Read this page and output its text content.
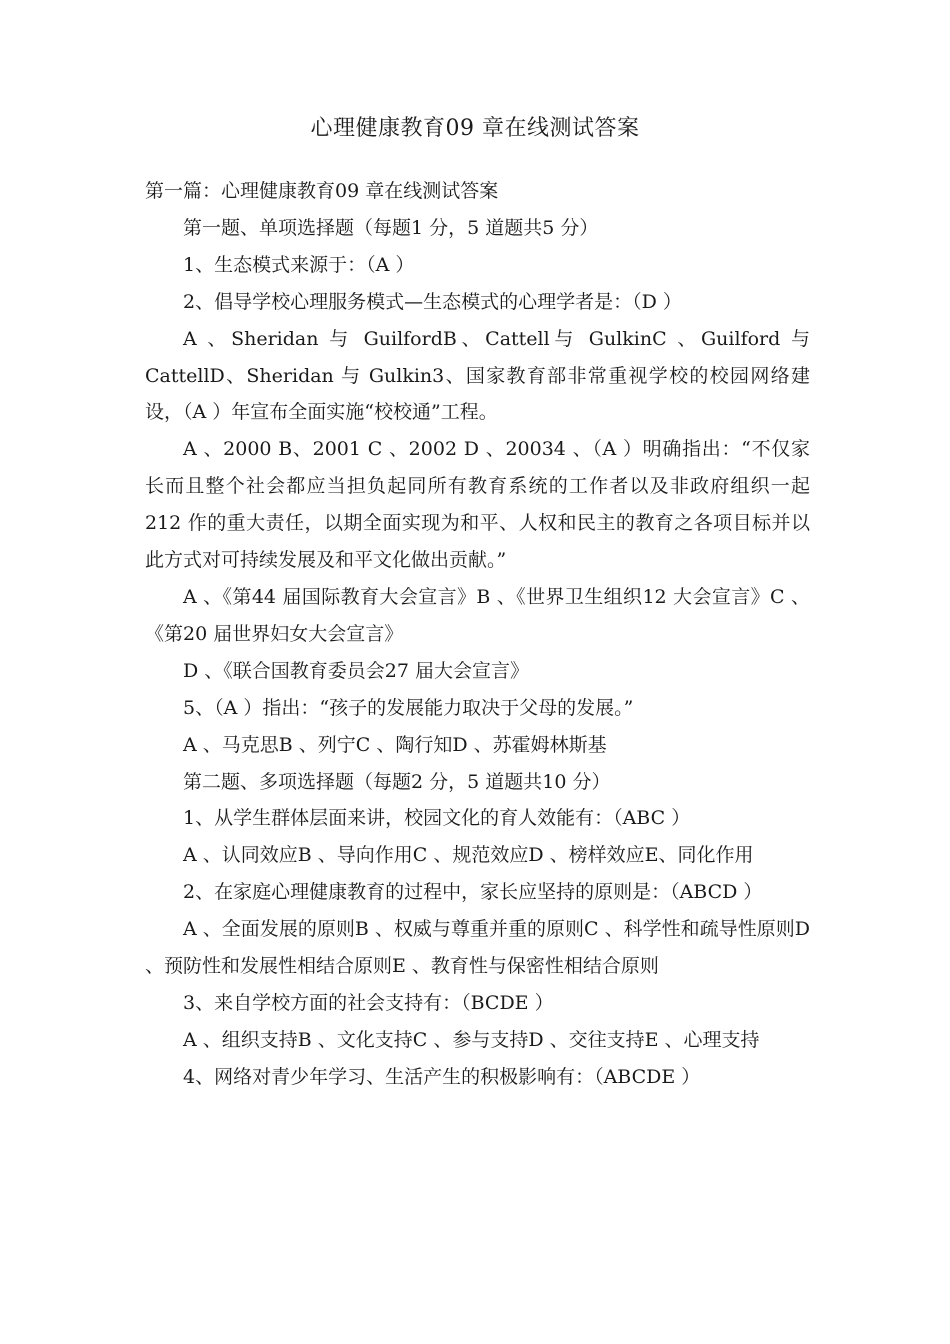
心理健康教育09 章在线测试答案

第一篇：心理健康教育09 章在线测试答案

第一题、单项选择题（每题1 分，5 道题共5 分）

1、生态模式来源于：（A ）

2、倡导学校心理服务模式—生态模式的心理学者是：（D ）

A 、Sheridan 与 GuilfordB、Cattell与 GulkinC 、Guilford 与 CattellD、Sheridan 与 Gulkin3、国家教育部非常重视学校的校园网络建设，（A ）年宣布全面实施“校校通”工程。

A 、2000 B、2001 C 、2002 D 、20034 、（A ）明确指出：“不仅家长而且整个社会都应当担负起同所有教育系统的工作者以及非政府组织一起 212 作的重大责任，以期全面实现为和平、人权和民主的教育之各项目标并以此方式对可持续发展及和平文化做出贡献。”

A 、《第44 届国际教育大会宣言》B 、《世界卫生组织12 大会宣言》C 、《第20 届世界妇女大会宣言》

D 、《联合国教育委员会27 届大会宣言》

5、（A ）指出：“孩子的发展能力取决于父母的发展。”

A 、马克思B 、列宁C 、陶行知D 、苏霍姆林斯基

第二题、多项选择题（每题2 分，5 道题共10 分）

1、从学生群体层面来讲，校园文化的育人效能有：（ABC ）

A 、认同效应B 、导向作用C 、规范效应D 、榜样效应E、同化作用

2、在家庭心理健康教育的过程中，家长应坚持的原则是：（ABCD ）

A 、全面发展的原则B 、权威与尊重并重的原则C 、科学性和疏导性原则D 、预防性和发展性相结合原则E 、教育性与保密性相结合原则

3、来自学校方面的社会支持有：（BCDE ）

A 、组织支持B 、文化支持C 、参与支持D 、交往支持E 、心理支持

4、网络对青少年学习、生活产生的积极影响有：（ABCDE ）
